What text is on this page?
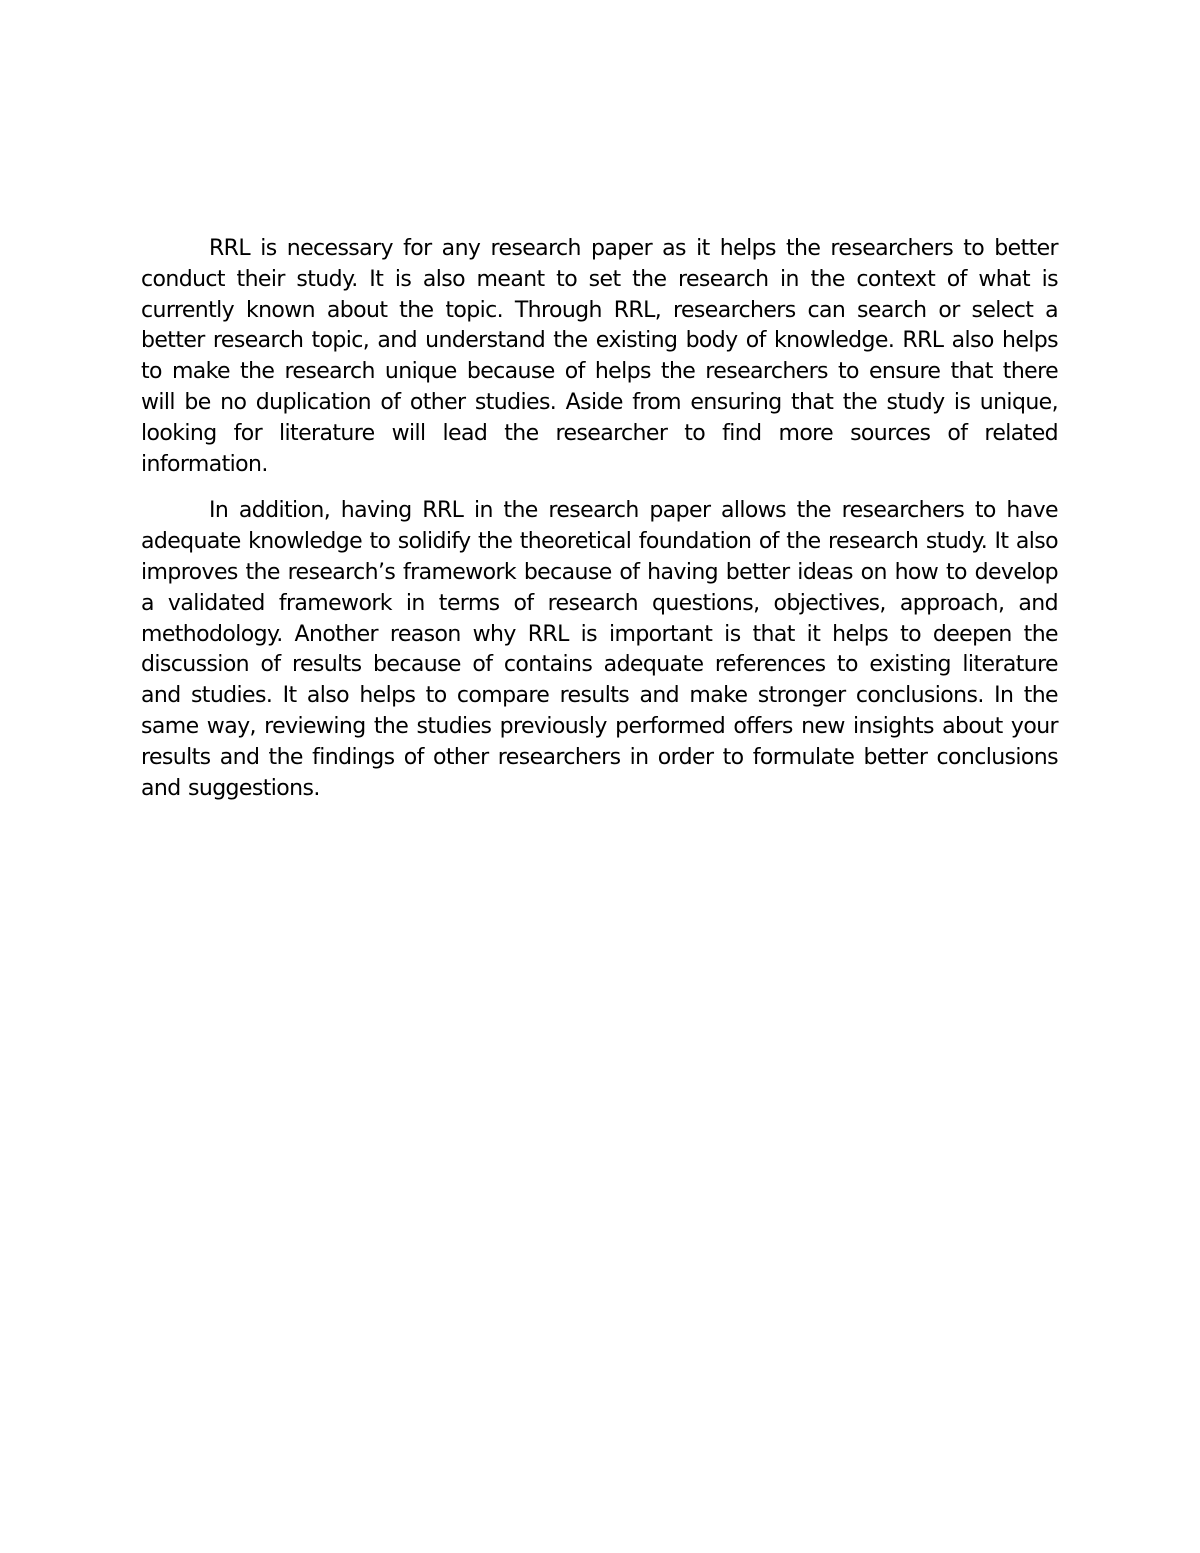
RRL is necessary for any research paper as it helps the researchers to better conduct their study. It is also meant to set the research in the context of what is currently known about the topic. Through RRL, researchers can search or select a better research topic, and understand the existing body of knowledge. RRL also helps to make the research unique because of helps the researchers to ensure that there will be no duplication of other studies. Aside from ensuring that the study is unique, looking for literature will lead the researcher to find more sources of related information.

In addition, having RRL in the research paper allows the researchers to have adequate knowledge to solidify the theoretical foundation of the research study. It also improves the research’s framework because of having better ideas on how to develop a validated framework in terms of research questions, objectives, approach, and methodology. Another reason why RRL is important is that it helps to deepen the discussion of results because of contains adequate references to existing literature and studies. It also helps to compare results and make stronger conclusions. In the same way, reviewing the studies previously performed offers new insights about your results and the findings of other researchers in order to formulate better conclusions and suggestions.
